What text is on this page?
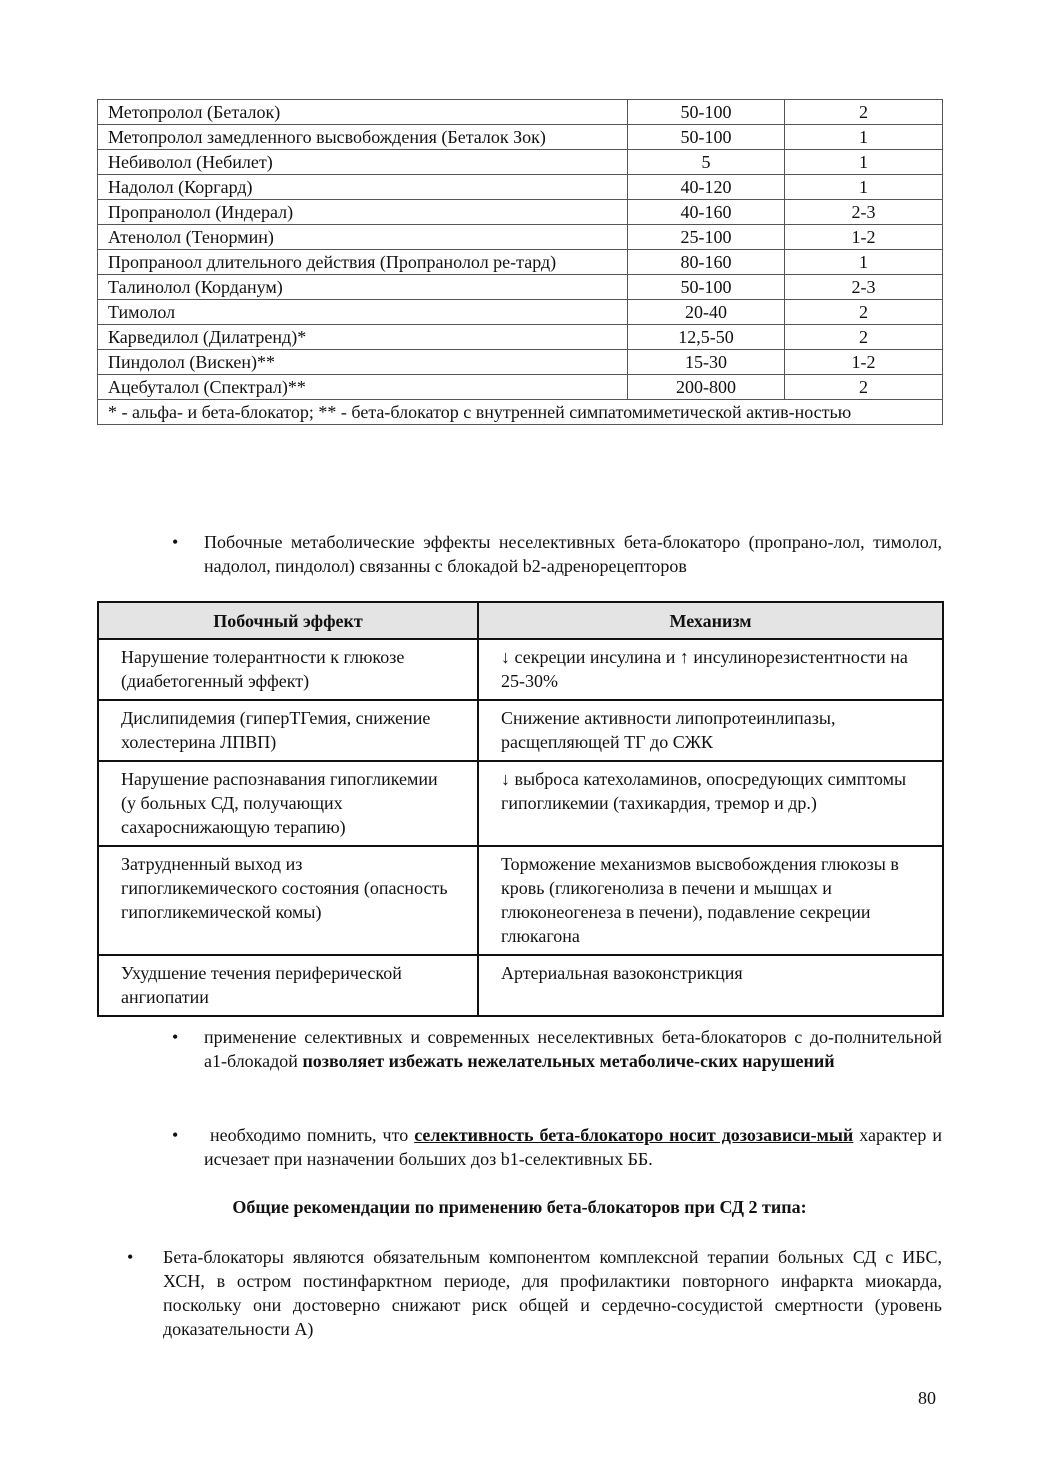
Метопролол (Беталок)	50-100	2
Метопролол замедленного высвобождения (Беталок Зок)	50-100	1
Небиволол (Небилет)	5	1
Надолол (Коргард)	40-120	1
Пропранолол (Индерал)	40-160	2-3
Атенолол (Тенормин)	25-100	1-2
Пропраноол длительного действия (Пропранолол ре-тард)	80-160	1
Талинолол (Корданум)	50-100	2-3
Тимолол	20-40	2
Карведилол (Дилатренд)*	12,5-50	2
Пиндолол (Вискен)**	15-30	1-2
Ацебуталол (Спектрал)**	200-800	2
* - альфа- и бета-блокатор; ** - бета-блокатор с внутренней симпатомиметической актив-ностью		
•	Побочные метаболические эффекты неселективных бета-блокаторо (пропрано-лол, тимолол, надолол, пиндолол) связанны с блокадой b2-адренорецепторов
Побочный эффект	Механизм
Нарушение толерантности к глюкозе (диабетогенный эффект)	↓ секреции инсулина и ↑ инсулинорезистентности на 25-30%
Дислипидемия (гиперТГемия, снижение холестерина ЛПВП)	Снижение активности липопротеинлипазы, расщепляющей ТГ до СЖК
Нарушение распознавания гипогликемии (у больных СД, получающих сахароснижающую терапию)	↓ выброса катехоламинов, опосредующих симптомы гипогликемии (тахикардия, тремор и др.)
Затрудненный выход из гипогликемического состояния (опасность гипогликемической комы)	Торможение механизмов высвобождения глюкозы в кровь (гликогенолиза в печени и мышцах и глюконеогенеза в печени), подавление секреции глюкагона
Ухудшение течения периферической ангиопатии	Артериальная вазоконстрикция
•	применение селективных и современных неселективных бета-блокаторов с до-полнительной a1-блокадой позволяет избежать нежелательных метаболиче-ских нарушений
•	необходимо помнить, что селективность бета-блокаторо носит дозозависи-мый характер и исчезает при назначении больших доз b1-селективных ББ.
Общие рекомендации по применению бета-блокаторов при СД 2 типа:
•	Бета-блокаторы являются обязательным компонентом комплексной терапии больных СД с ИБС, ХСН, в остром постинфарктном периоде, для профилактики повторного инфаркта миокарда, поскольку они достоверно снижают риск общей и сердечно-сосудистой смертности (уровень доказательности А)
80
